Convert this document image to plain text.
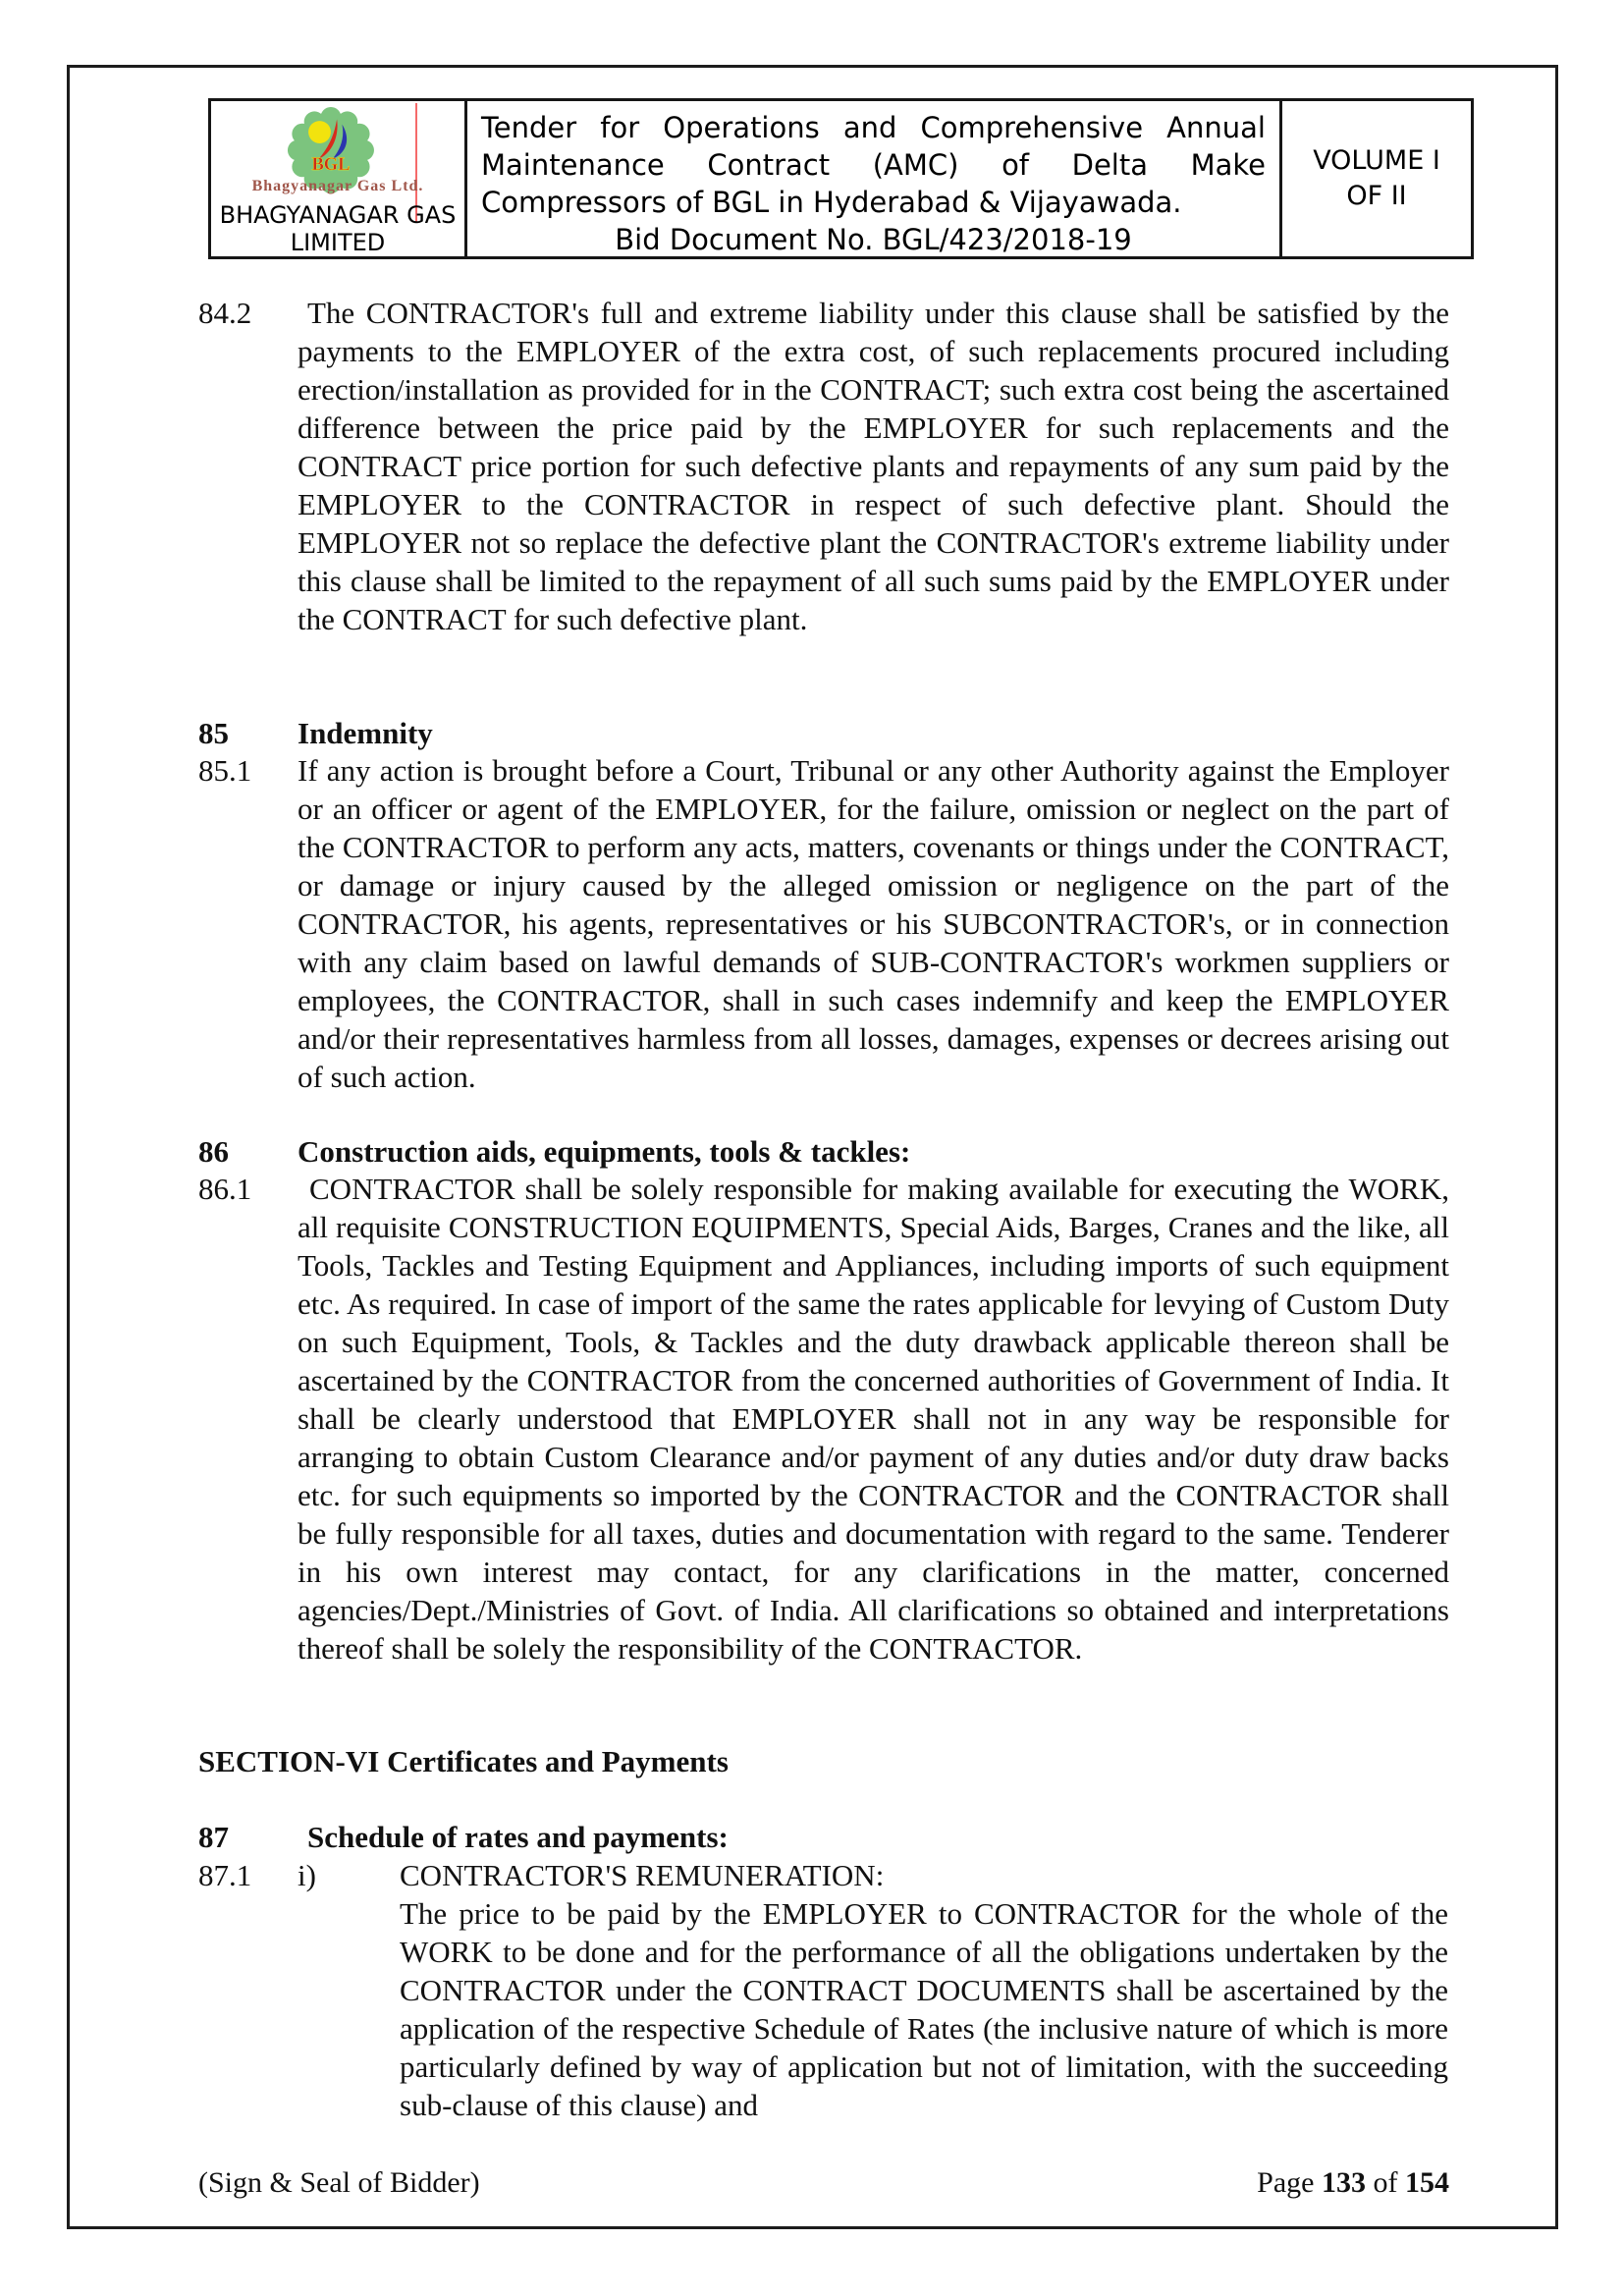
BGL
Bhagyanagar Gas Ltd.
BHAGYANAGAR GAS
LIMITED
Tender for Operations and Comprehensive Annual
Maintenance Contract (AMC) of Delta Make
Compressors of BGL in Hyderabad & Vijayawada.
Bid Document No. BGL/423/2018-19
VOLUME I
OF II
84.2	The CONTRACTOR's full and extreme liability under this clause shall be satisfied by the payments to the EMPLOYER of the extra cost, of such replacements procured including erection/installation as provided for in the CONTRACT; such extra cost being the ascertained difference between the price paid by the EMPLOYER for such replacements and the CONTRACT price portion for such defective plants and repayments of any sum paid by the EMPLOYER to the CONTRACTOR in respect of such defective plant. Should the EMPLOYER not so replace the defective plant the CONTRACTOR's extreme liability under this clause shall be limited to the repayment of all such sums paid by the EMPLOYER under the CONTRACT for such defective plant.
85	Indemnity
85.1	If any action is brought before a Court, Tribunal or any other Authority against the Employer or an officer or agent of the EMPLOYER, for the failure, omission or neglect on the part of the CONTRACTOR to perform any acts, matters, covenants or things under the CONTRACT, or damage or injury caused by the alleged omission or negligence on the part of the CONTRACTOR, his agents, representatives or his SUBCONTRACTOR's, or in connection with any claim based on lawful demands of SUB-CONTRACTOR's workmen suppliers or employees, the CONTRACTOR, shall in such cases indemnify and keep the EMPLOYER and/or their representatives harmless from all losses, damages, expenses or decrees arising out of such action.
86	Construction aids, equipments, tools & tackles:
86.1	CONTRACTOR shall be solely responsible for making available for executing the WORK, all requisite CONSTRUCTION EQUIPMENTS, Special Aids, Barges, Cranes and the like, all Tools, Tackles and Testing Equipment and Appliances, including imports of such equipment etc. As required. In case of import of the same the rates applicable for levying of Custom Duty on such Equipment, Tools, & Tackles and the duty drawback applicable thereon shall be ascertained by the CONTRACTOR from the concerned authorities of Government of India. It shall be clearly understood that EMPLOYER shall not in any way be responsible for arranging to obtain Custom Clearance and/or payment of any duties and/or duty draw backs etc. for such equipments so imported by the CONTRACTOR and the CONTRACTOR shall be fully responsible for all taxes, duties and documentation with regard to the same. Tenderer in his own interest may contact, for any clarifications in the matter, concerned agencies/Dept./Ministries of Govt. of India. All clarifications so obtained and interpretations thereof shall be solely the responsibility of the CONTRACTOR.
SECTION-VI Certificates and Payments
87	Schedule of rates and payments:
87.1	i)	CONTRACTOR'S REMUNERATION:
The price to be paid by the EMPLOYER to CONTRACTOR for the whole of the WORK to be done and for the performance of all the obligations undertaken by the CONTRACTOR under the CONTRACT DOCUMENTS shall be ascertained by the application of the respective Schedule of Rates (the inclusive nature of which is more particularly defined by way of application but not of limitation, with the succeeding sub-clause of this clause) and
(Sign & Seal of Bidder)	Page 133 of 154
